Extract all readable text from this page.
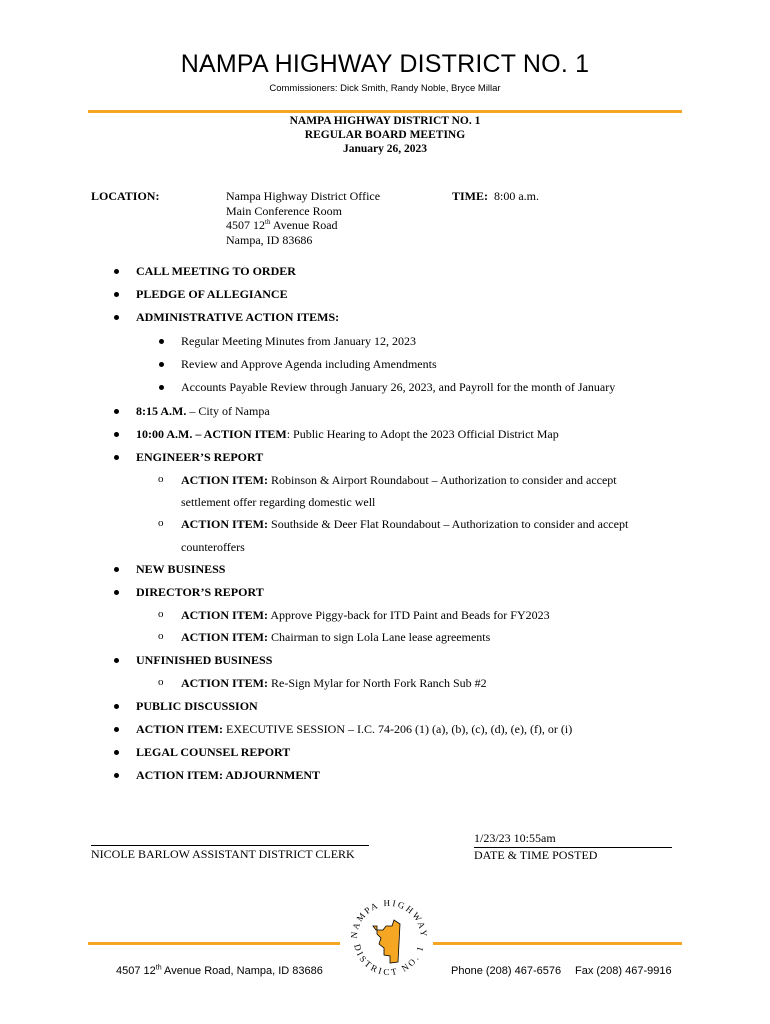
NAMPA HIGHWAY DISTRICT NO. 1
Commissioners: Dick Smith, Randy Noble, Bryce Millar
NAMPA HIGHWAY DISTRICT NO. 1
REGULAR BOARD MEETING
January 26, 2023
LOCATION:	Nampa Highway District Office
Main Conference Room
4507 12th Avenue Road
Nampa, ID 83686
TIME: 8:00 a.m.
CALL MEETING TO ORDER
PLEDGE OF ALLEGIANCE
ADMINISTRATIVE ACTION ITEMS:
Regular Meeting Minutes from January 12, 2023
Review and Approve Agenda including Amendments
Accounts Payable Review through January 26, 2023, and Payroll for the month of January
8:15 A.M. – City of Nampa
10:00 A.M. – ACTION ITEM: Public Hearing to Adopt the 2023 Official District Map
ENGINEER’S REPORT
o ACTION ITEM: Robinson & Airport Roundabout – Authorization to consider and accept
settlement offer regarding domestic well
o ACTION ITEM: Southside & Deer Flat Roundabout – Authorization to consider and accept
counteroffers
NEW BUSINESS
DIRECTOR’S REPORT
o ACTION ITEM: Approve Piggy-back for ITD Paint and Beads for FY2023
o ACTION ITEM: Chairman to sign Lola Lane lease agreements
UNFINISHED BUSINESS
o ACTION ITEM: Re-Sign Mylar for North Fork Ranch Sub #2
PUBLIC DISCUSSION
ACTION ITEM: EXECUTIVE SESSION – I.C. 74-206 (1) (a), (b), (c), (d), (e), (f), or (i)
LEGAL COUNSEL REPORT
ACTION ITEM: ADJOURNMENT
NICOLE BARLOW ASSISTANT DISTRICT CLERK
1/23/23 10:55am
DATE & TIME POSTED
NAMPA HIGHWAY
DISTRICT NO. 1
4507 12th Avenue Road, Nampa, ID 83686	Phone (208) 467-6576 Fax (208) 467-9916
